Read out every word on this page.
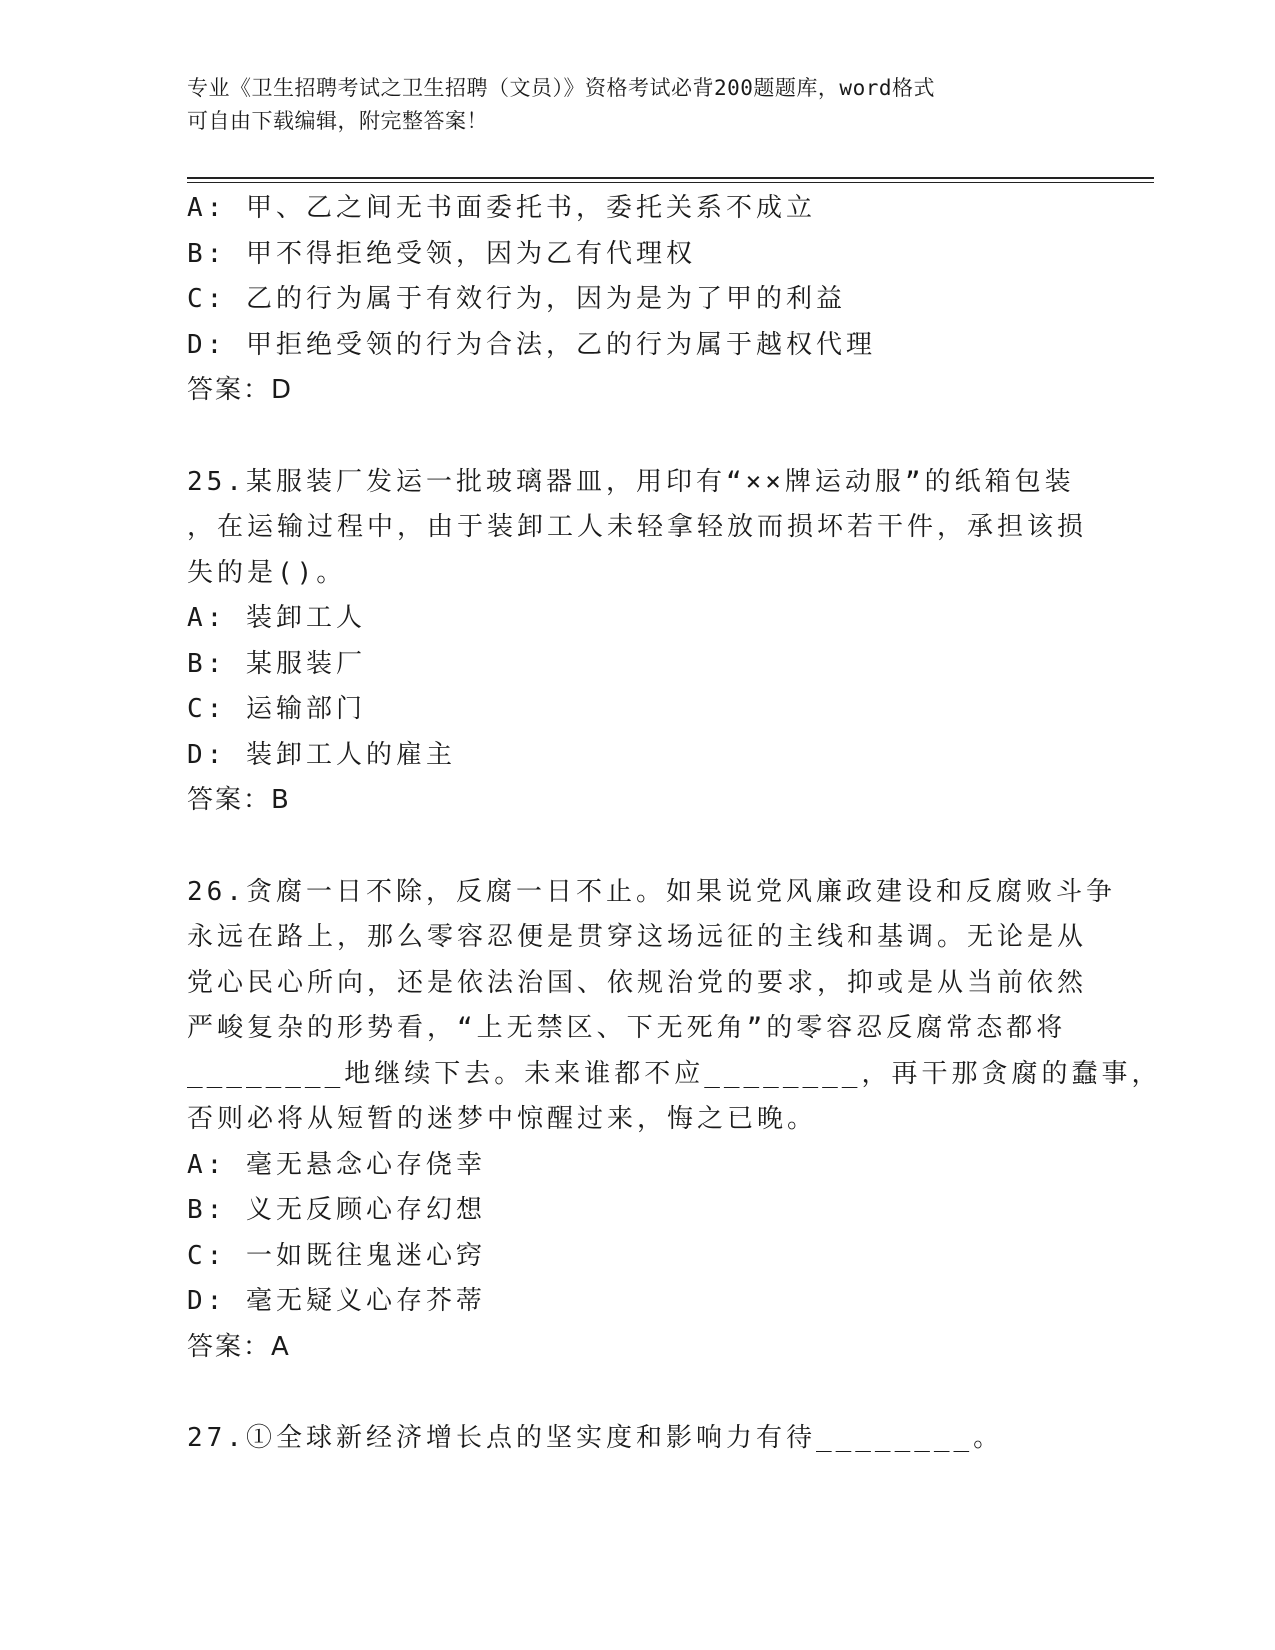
专业《卫生招聘考试之卫生招聘（文员）》资格考试必背200题题库，word格式
可自由下载编辑，附完整答案！
A: 甲、乙之间无书面委托书，委托关系不成立
B: 甲不得拒绝受领，因为乙有代理权
C: 乙的行为属于有效行为，因为是为了甲的利益
D: 甲拒绝受领的行为合法，乙的行为属于越权代理
答案：D
25.某服装厂发运一批玻璃器皿，用印有“××牌运动服”的纸箱包装
，在运输过程中，由于装卸工人未轻拿轻放而损坏若干件，承担该损
失的是()。
A: 装卸工人
B: 某服装厂
C: 运输部门
D: 装卸工人的雇主
答案：B
26.贪腐一日不除，反腐一日不止。如果说党风廉政建设和反腐败斗争
永远在路上，那么零容忍便是贯穿这场远征的主线和基调。无论是从
党心民心所向，还是依法治国、依规治党的要求，抑或是从当前依然
严峻复杂的形势看，“上无禁区、下无死角”的零容忍反腐常态都将
________地继续下去。未来谁都不应________，再干那贪腐的蠢事，
否则必将从短暂的迷梦中惊醒过来，悔之已晚。
A: 毫无悬念心存侥幸
B: 义无反顾心存幻想
C: 一如既往鬼迷心窍
D: 毫无疑义心存芥蒂
答案：A
27.①全球新经济增长点的坚实度和影响力有待________。
